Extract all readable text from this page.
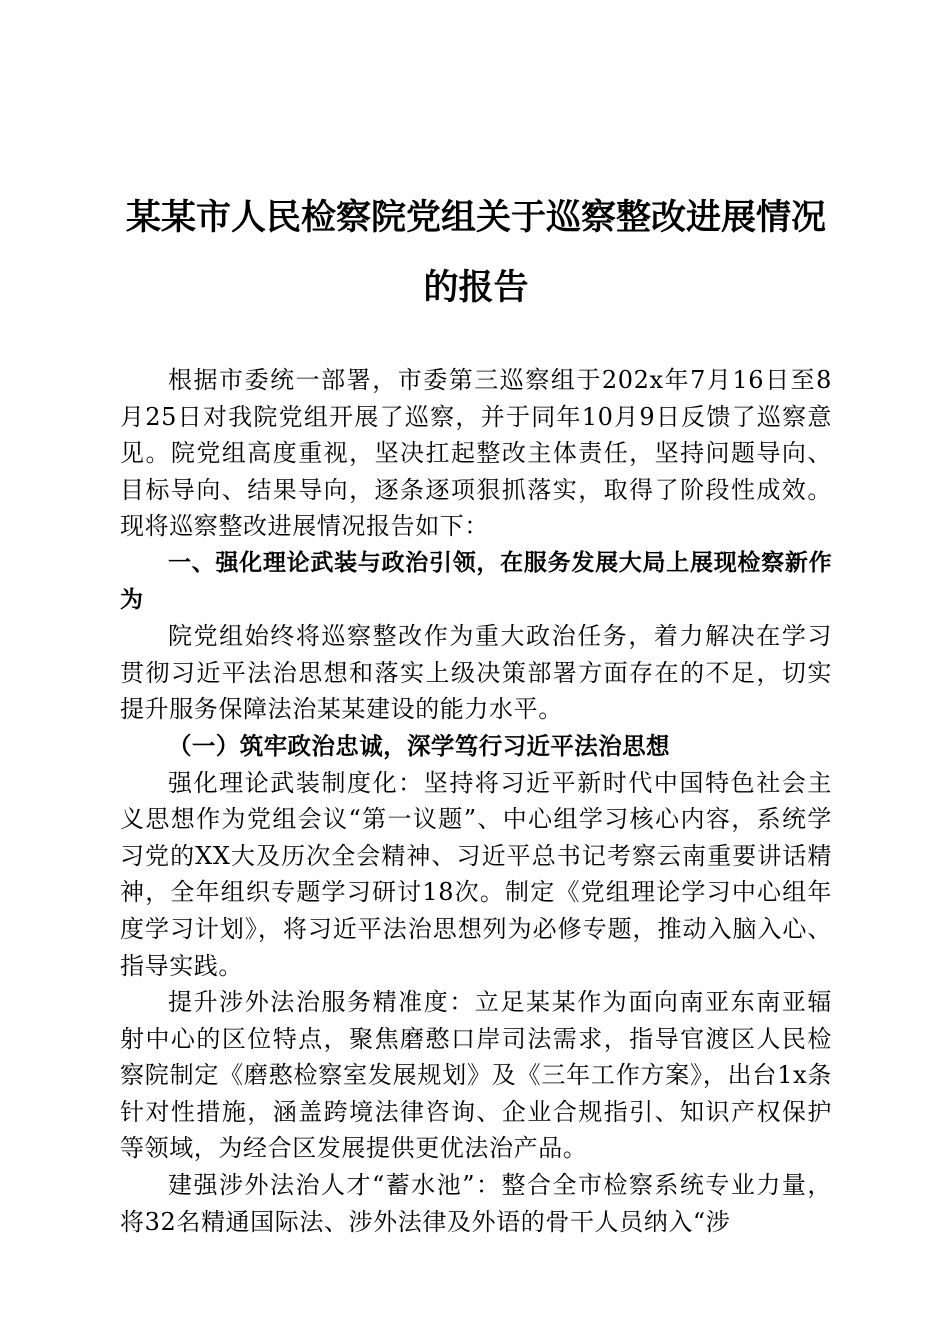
某某市人民检察院党组关于巡察整改进展情况
的报告

根据市委统一部署，市委第三巡察组于202x年7月16日至8月25日对我院党组开展了巡察，并于同年10月9日反馈了巡察意见。院党组高度重视，坚决扛起整改主体责任，坚持问题导向、目标导向、结果导向，逐条逐项狠抓落实，取得了阶段性成效。现将巡察整改进展情况报告如下：

一、强化理论武装与政治引领，在服务发展大局上展现检察新作为

院党组始终将巡察整改作为重大政治任务，着力解决在学习贯彻习近平法治思想和落实上级决策部署方面存在的不足，切实提升服务保障法治某某建设的能力水平。

（一）筑牢政治忠诚，深学笃行习近平法治思想

强化理论武装制度化：坚持将习近平新时代中国特色社会主义思想作为党组会议“第一议题”、中心组学习核心内容，系统学习党的XX大及历次全会精神、习近平总书记考察云南重要讲话精神，全年组织专题学习研讨18次。制定《党组理论学习中心组年度学习计划》，将习近平法治思想列为必修专题，推动入脑入心、指导实践。

提升涉外法治服务精准度：立足某某作为面向南亚东南亚辐射中心的区位特点，聚焦磨憨口岸司法需求，指导官渡区人民检察院制定《磨憨检察室发展规划》及《三年工作方案》，出台1x条针对性措施，涵盖跨境法律咨询、企业合规指引、知识产权保护等领域，为经合区发展提供更优法治产品。

建强涉外法治人才“蓄水池”：整合全市检察系统专业力量，将32名精通国际法、涉外法律及外语的骨干人员纳入“涉
